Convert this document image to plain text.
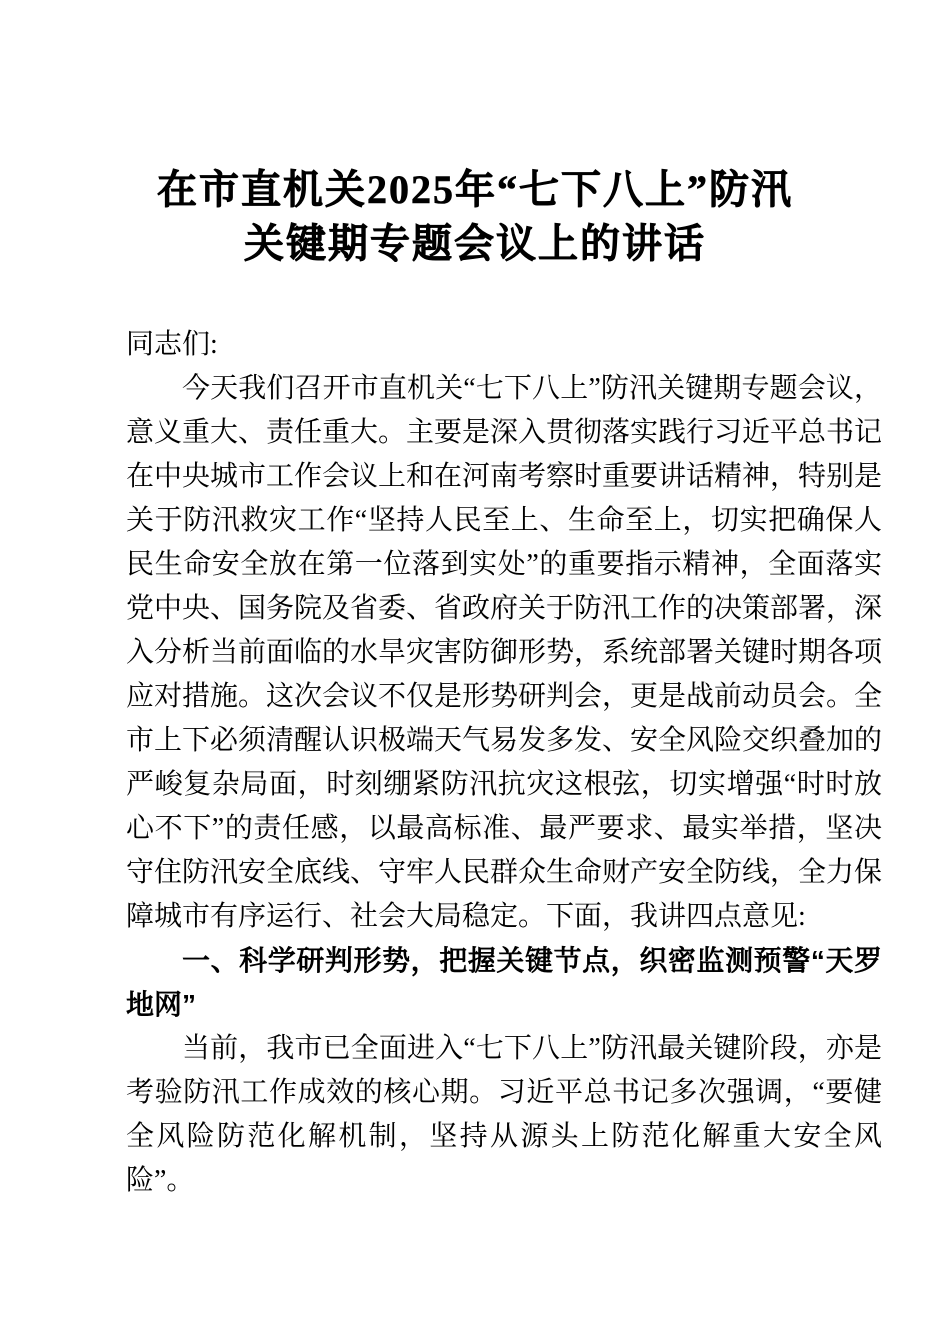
在市直机关2025年“七下八上”防汛
关键期专题会议上的讲话

同志们:

今天我们召开市直机关“七下八上”防汛关键期专题会议，意义重大、责任重大。主要是深入贯彻落实践行习近平总书记在中央城市工作会议上和在河南考察时重要讲话精神，特别是关于防汛救灾工作“坚持人民至上、生命至上，切实把确保人民生命安全放在第一位落到实处”的重要指示精神，全面落实党中央、国务院及省委、省政府关于防汛工作的决策部署，深入分析当前面临的水旱灾害防御形势，系统部署关键时期各项应对措施。这次会议不仅是形势研判会，更是战前动员会。全市上下必须清醒认识极端天气易发多发、安全风险交织叠加的严峻复杂局面，时刻绷紧防汛抗灾这根弦，切实增强“时时放心不下”的责任感，以最高标准、最严要求、最实举措，坚决守住防汛安全底线、守牢人民群众生命财产安全防线，全力保障城市有序运行、社会大局稳定。下面，我讲四点意见:

一、科学研判形势，把握关键节点，织密监测预警“天罗地网”

当前，我市已全面进入“七下八上”防汛最关键阶段，亦是考验防汛工作成效的核心期。习近平总书记多次强调，“要健全风险防范化解机制，坚持从源头上防范化解重大安全风险”。
